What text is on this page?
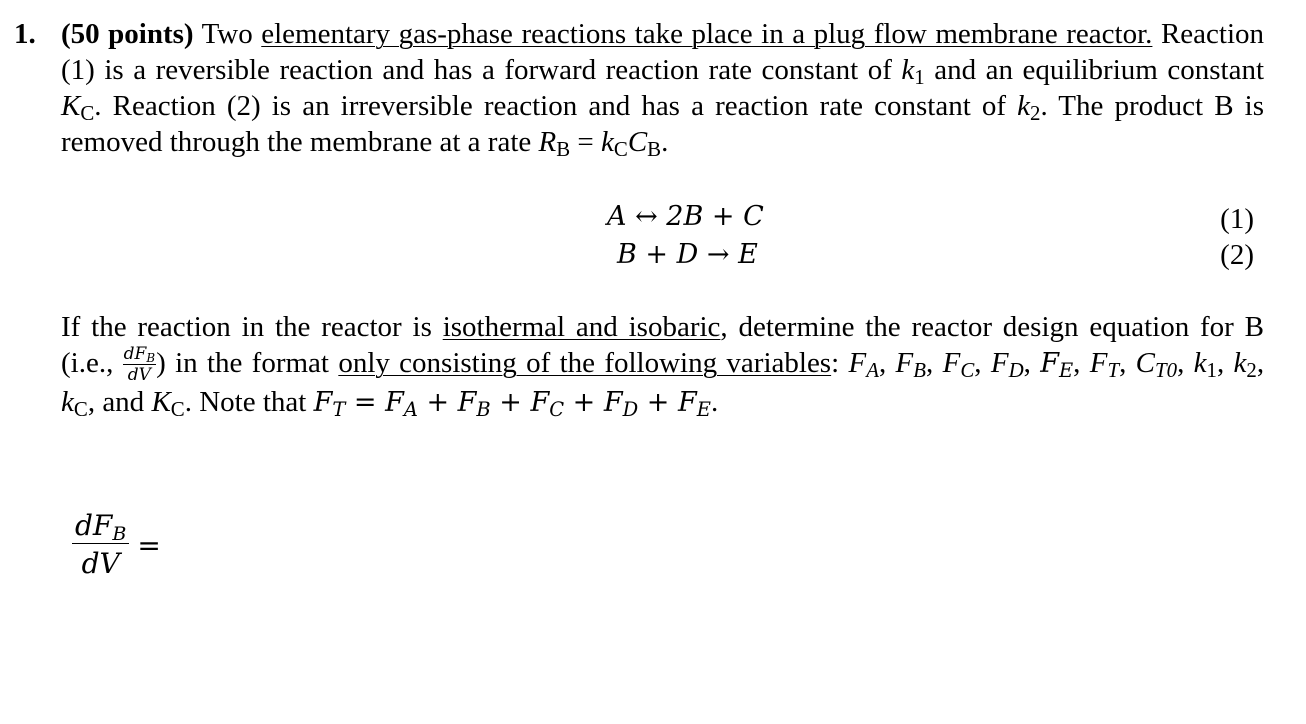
1. (50 points) Two elementary gas-phase reactions take place in a plug flow membrane reactor. Reaction (1) is a reversible reaction and has a forward reaction rate constant of $k_1$ and an equilibrium constant $K_C$. Reaction (2) is an irreversible reaction and has a reaction rate constant of $k_2$. The product B is removed through the membrane at a rate $R_B = k_CC_B$.
A ↔ 2B + C	(1)
B + D → E	(2)
If the reaction in the reactor is isothermal and isobaric, determine the reactor design equation for B (i.e., $\frac{dF_B}{dV}$ ) in the format only consisting of the following variables: $F_A$, $F_B$, $F_C$, $F_D$, $F_E$, $F_T$, $C_{T0}$, $k_1$, $k_2$, $k_C$, and $K_C$. Note that $F_T = F_A + F_B + F_C + F_D + F_E$.
$\frac{dF_B}{dV}$ =
